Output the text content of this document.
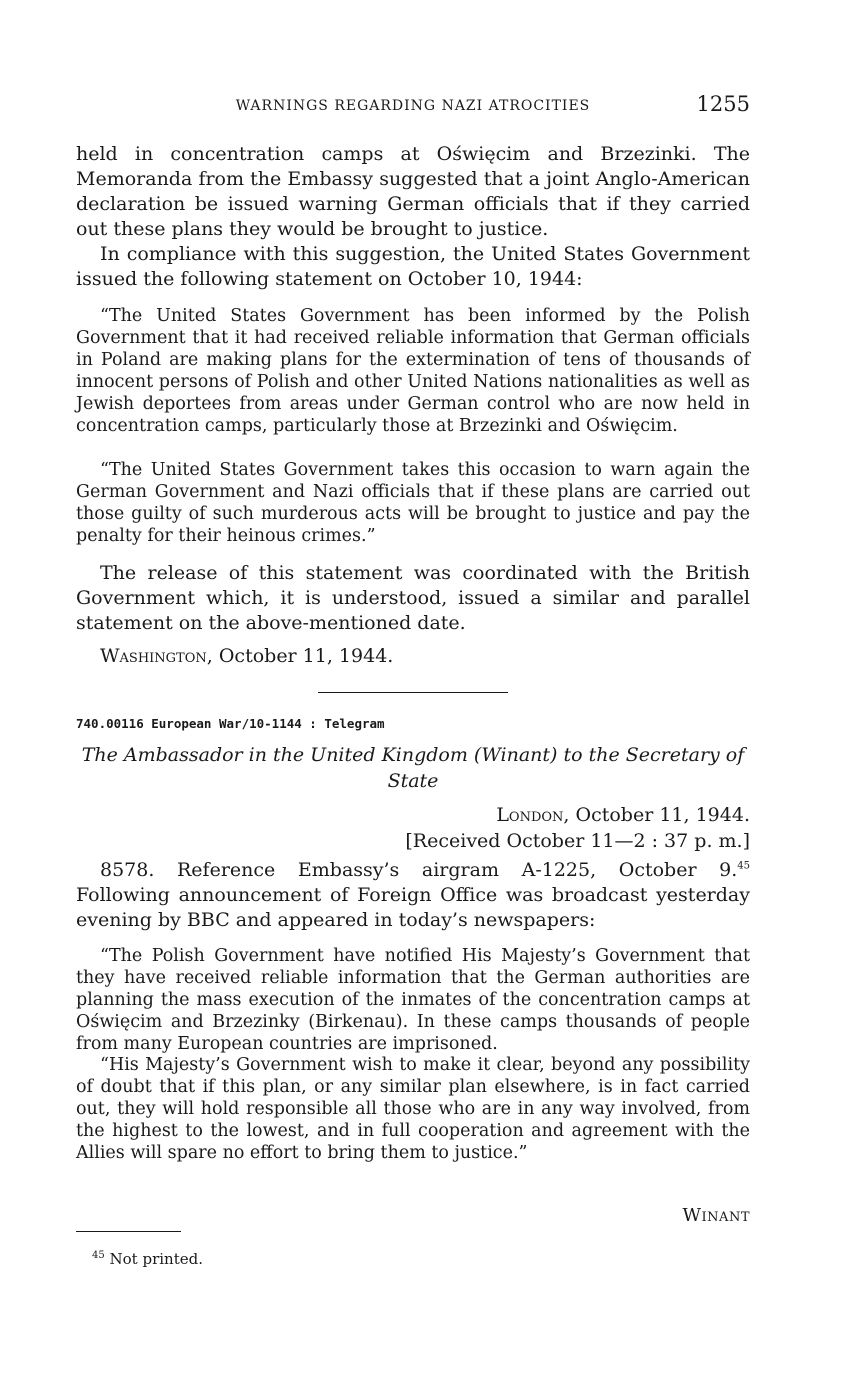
WARNINGS REGARDING NAZI ATROCITIES	1255

held in concentration camps at Oświęcim and Brzezinki. The Memoranda from the Embassy suggested that a joint Anglo-American declaration be issued warning German officials that if they carried out these plans they would be brought to justice.

In compliance with this suggestion, the United States Government issued the following statement on October 10, 1944:

“The United States Government has been informed by the Polish Government that it had received reliable information that German officials in Poland are making plans for the extermination of tens of thousands of innocent persons of Polish and other United Nations nationalities as well as Jewish deportees from areas under German control who are now held in concentration camps, particularly those at Brzezinki and Oświęcim.

“The United States Government takes this occasion to warn again the German Government and Nazi officials that if these plans are carried out those guilty of such murderous acts will be brought to justice and pay the penalty for their heinous crimes.”

The release of this statement was coordinated with the British Government which, it is understood, issued a similar and parallel statement on the above-mentioned date.

Washington, October 11, 1944.

740.00116 European War/10-1144 : Telegram

The Ambassador in the United Kingdom (Winant) to the Secretary of State

London, October 11, 1944.
[Received October 11—2 : 37 p. m.]

8578. Reference Embassy’s airgram A-1225, October 9.45 Following announcement of Foreign Office was broadcast yesterday evening by BBC and appeared in today’s newspapers:

“The Polish Government have notified His Majesty’s Government that they have received reliable information that the German authorities are planning the mass execution of the inmates of the concentration camps at Oświęcim and Brzezinky (Birkenau). In these camps thousands of people from many European countries are imprisoned.

“His Majesty’s Government wish to make it clear, beyond any possibility of doubt that if this plan, or any similar plan elsewhere, is in fact carried out, they will hold responsible all those who are in any way involved, from the highest to the lowest, and in full cooperation and agreement with the Allies will spare no effort to bring them to justice.”

Winant
$^{45}$ Not printed.
